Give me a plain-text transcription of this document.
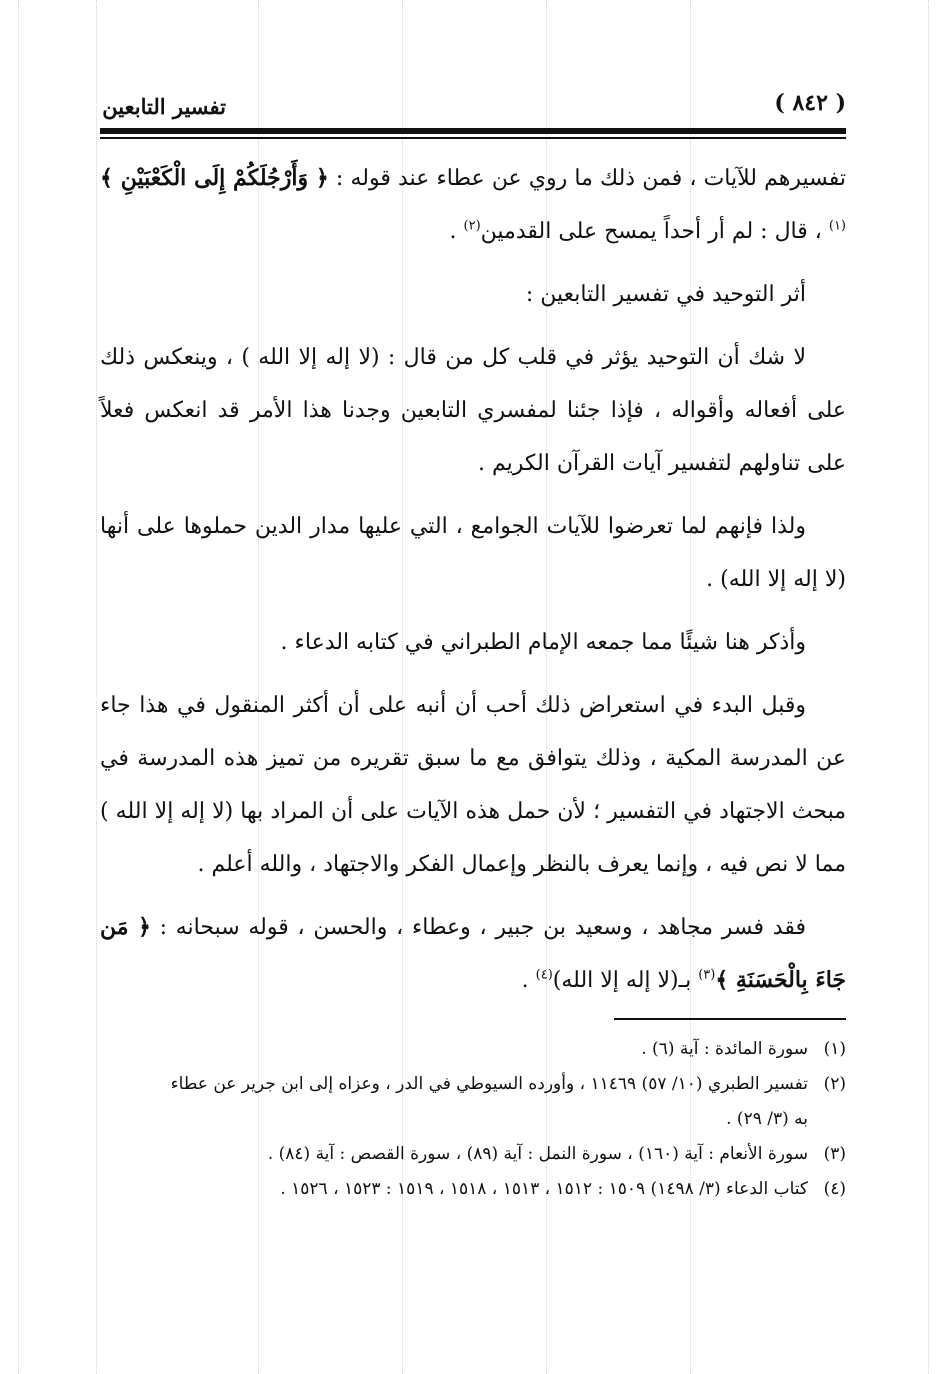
تفسير التابعين	( ٨٤٢ )

تفسيرهم للآيات ، فمن ذلك ما روي عن عطاء عند قوله : ﴿ وَأَرْجُلَكُمْ إِلَى الْكَعْبَيْنِ ﴾$^{(١)}$ ، قال : لم أر أحداً يمسح على القدمين$^{(٢)}$ .

أثر التوحيد في تفسير التابعين :

لا شك أن التوحيد يؤثر في قلب كل من قال : (لا إله إلا الله ) ، وينعكس ذلك على أفعاله وأقواله ، فإذا جئنا لمفسري التابعين وجدنا هذا الأمر قد انعكس فعلاً على تناولهم لتفسير آيات القرآن الكريم .

ولذا فإنهم لما تعرضوا للآيات الجوامع ، التي عليها مدار الدين حملوها على أنها (لا إله إلا الله) .

وأذكر هنا شيئًا مما جمعه الإمام الطبراني في كتابه الدعاء .

وقبل البدء في استعراض ذلك أحب أن أنبه على أن أكثر المنقول في هذا جاء عن المدرسة المكية ، وذلك يتوافق مع ما سبق تقريره من تميز هذه المدرسة في مبحث الاجتهاد في التفسير ؛ لأن حمل هذه الآيات على أن المراد بها (لا إله إلا الله ) مما لا نص فيه ، وإنما يعرف بالنظر وإعمال الفكر والاجتهاد ، والله أعلم .

فقد فسر مجاهد ، وسعيد بن جبير ، وعطاء ، والحسن ، قوله سبحانه : ﴿ مَن جَاءَ بِالْحَسَنَةِ ﴾$^{(٣)}$ بـ(لا إله إلا الله)$^{(٤)}$ .

(١)سورة المائدة : آية (٦) .

(٢)تفسير الطبري (١٠/ ٥٧) ١١٤٦٩ ، وأورده السيوطي في الدر ، وعزاه إلى ابن جرير عن عطاء

به (٣/ ٢٩) .

(٣)سورة الأنعام : آية (١٦٠) ، سورة النمل : آية (٨٩) ، سورة القصص : آية (٨٤) .

(٤)كتاب الدعاء (٣/ ١٤٩٨) ١٥٠٩ : ١٥١٢ ، ١٥١٣ ، ١٥١٨ ، ١٥١٩ : ١٥٢٣ ، ١٥٢٦ .
